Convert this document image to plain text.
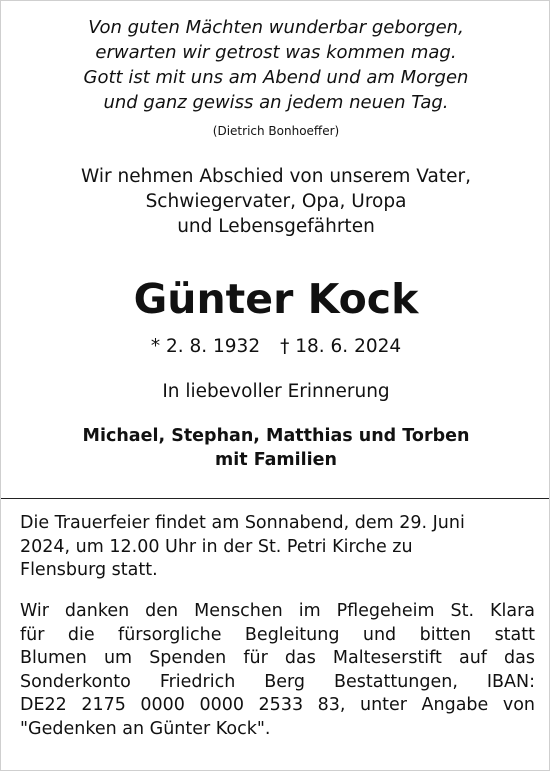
Von guten Mächten wunderbar geborgen,
erwarten wir getrost was kommen mag.
Gott ist mit uns am Abend und am Morgen
und ganz gewiss an jedem neuen Tag.
(Dietrich Bonhoeffer)
Wir nehmen Abschied von unserem Vater,
Schwiegervater, Opa, Uropa
und Lebensgefährten
Günter Kock
* 2. 8. 1932 † 18. 6. 2024
In liebevoller Erinnerung
Michael, Stephan, Matthias und Torben
mit Familien
Die Trauerfeier findet am Sonnabend, dem 29. Juni
2024, um 12.00 Uhr in der St. Petri Kirche zu
Flensburg statt.
Wir danken den Menschen im Pflegeheim St. Klara
für die fürsorgliche Begleitung und bitten statt
Blumen um Spenden für das Malteserstift auf das
Sonderkonto Friedrich Berg Bestattungen, IBAN:
DE22 2175 0000 0000 2533 83, unter Angabe von
"Gedenken an Günter Kock".
